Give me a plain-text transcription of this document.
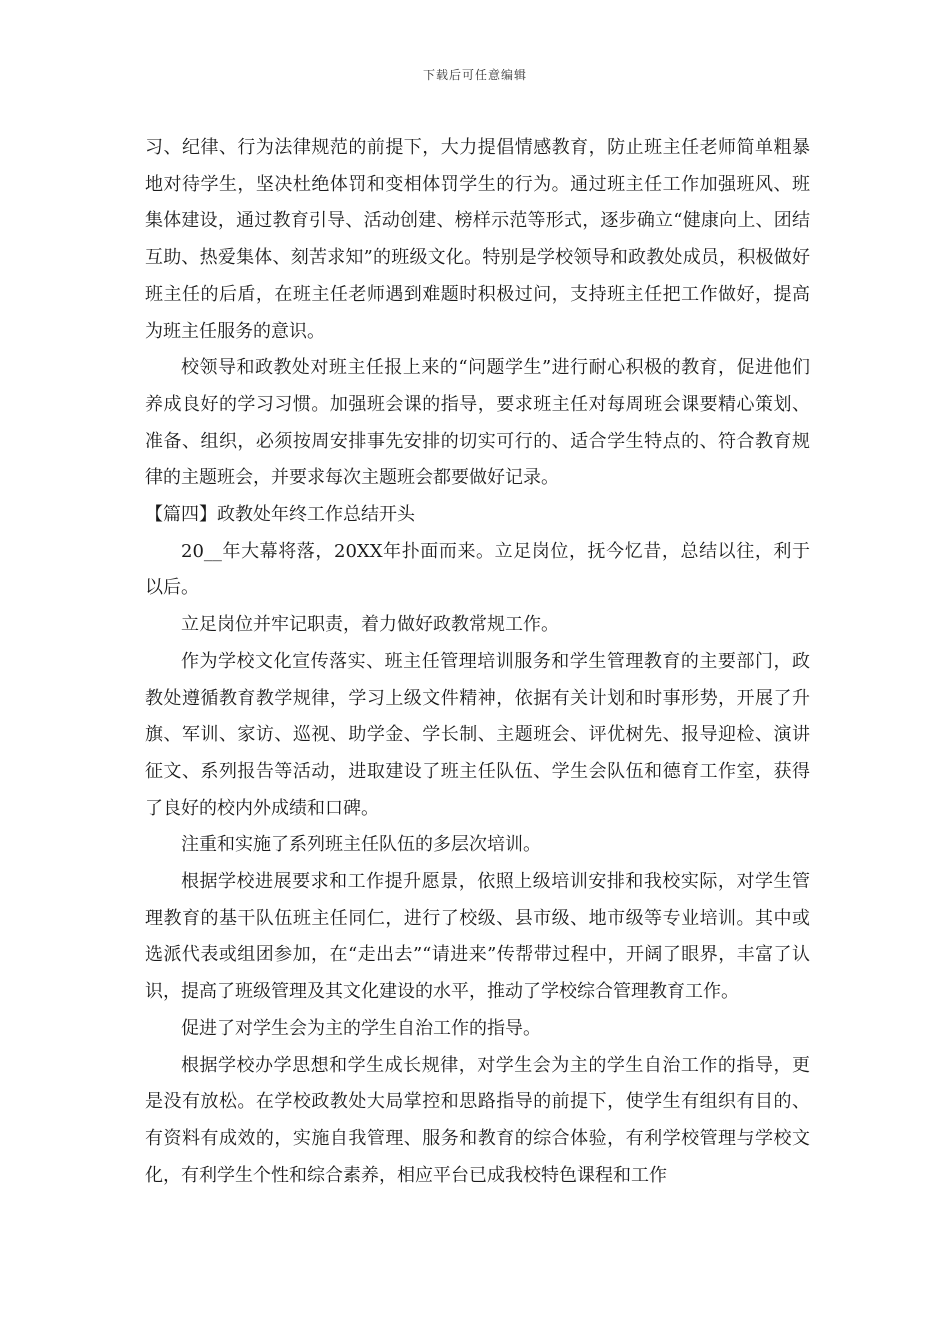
下载后可任意编辑

习、纪律、行为法律规范的前提下，大力提倡情感教育，防止班主任老师简单粗暴地对待学生，坚决杜绝体罚和变相体罚学生的行为。通过班主任工作加强班风、班集体建设，通过教育引导、活动创建、榜样示范等形式，逐步确立“健康向上、团结互助、热爱集体、刻苦求知”的班级文化。特别是学校领导和政教处成员，积极做好班主任的后盾，在班主任老师遇到难题时积极过问，支持班主任把工作做好，提高为班主任服务的意识。

校领导和政教处对班主任报上来的“问题学生”进行耐心积极的教育，促进他们养成良好的学习习惯。加强班会课的指导，要求班主任对每周班会课要精心策划、准备、组织，必须按周安排事先安排的切实可行的、适合学生特点的、符合教育规律的主题班会，并要求每次主题班会都要做好记录。

【篇四】政教处年终工作总结开头

20__年大幕将落，20XX年扑面而来。立足岗位，抚今忆昔，总结以往，利于以后。

立足岗位并牢记职责，着力做好政教常规工作。

作为学校文化宣传落实、班主任管理培训服务和学生管理教育的主要部门，政教处遵循教育教学规律，学习上级文件精神，依据有关计划和时事形势，开展了升旗、军训、家访、巡视、助学金、学长制、主题班会、评优树先、报导迎检、演讲征文、系列报告等活动，进取建设了班主任队伍、学生会队伍和德育工作室，获得了良好的校内外成绩和口碑。

注重和实施了系列班主任队伍的多层次培训。

根据学校进展要求和工作提升愿景，依照上级培训安排和我校实际，对学生管理教育的基干队伍班主任同仁，进行了校级、县市级、地市级等专业培训。其中或选派代表或组团参加，在“走出去”“请进来”传帮带过程中，开阔了眼界，丰富了认识，提高了班级管理及其文化建设的水平，推动了学校综合管理教育工作。

促进了对学生会为主的学生自治工作的指导。

根据学校办学思想和学生成长规律，对学生会为主的学生自治工作的指导，更是没有放松。在学校政教处大局掌控和思路指导的前提下，使学生有组织有目的、有资料有成效的，实施自我管理、服务和教育的综合体验，有利学校管理与学校文化，有利学生个性和综合素养，相应平台已成我校特色课程和工作
